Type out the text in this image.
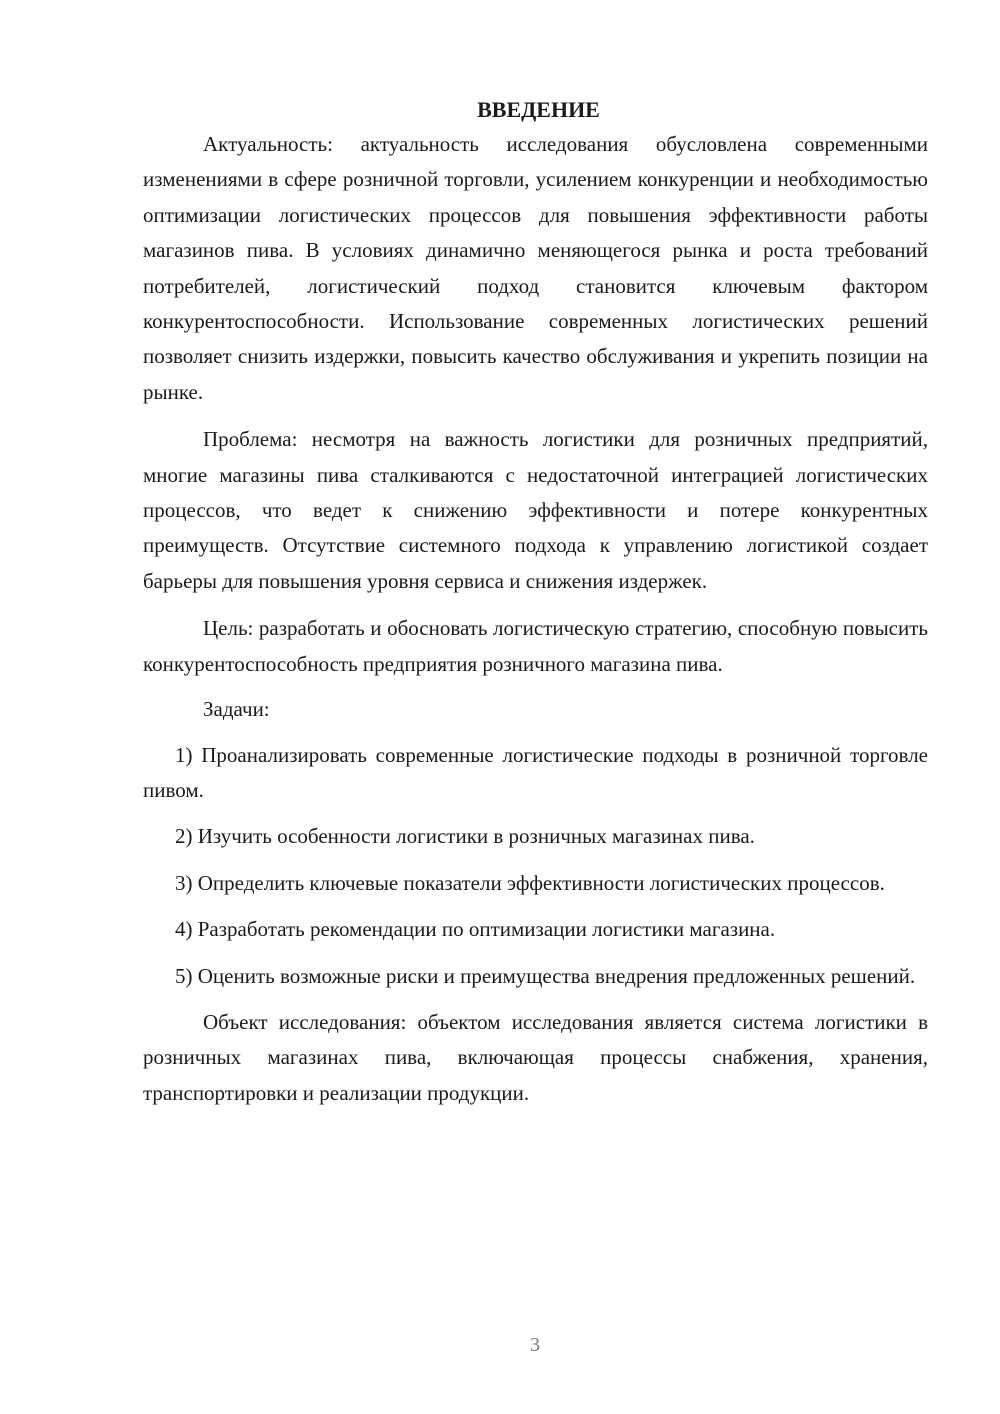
ВВЕДЕНИЕ

Актуальность: актуальность исследования обусловлена современными изменениями в сфере розничной торговли, усилением конкуренции и необходимостью оптимизации логистических процессов для повышения эффективности работы магазинов пива. В условиях динамично меняющегося рынка и роста требований потребителей, логистический подход становится ключевым фактором конкурентоспособности. Использование современных логистических решений позволяет снизить издержки, повысить качество обслуживания и укрепить позиции на рынке.

Проблема: несмотря на важность логистики для розничных предприятий, многие магазины пива сталкиваются с недостаточной интеграцией логистических процессов, что ведет к снижению эффективности и потере конкурентных преимуществ. Отсутствие системного подхода к управлению логистикой создает барьеры для повышения уровня сервиса и снижения издержек.

Цель: разработать и обосновать логистическую стратегию, способную повысить конкурентоспособность предприятия розничного магазина пива.

Задачи:

1) Проанализировать современные логистические подходы в розничной торговле пивом.

2) Изучить особенности логистики в розничных магазинах пива.

3) Определить ключевые показатели эффективности логистических процессов.

4) Разработать рекомендации по оптимизации логистики магазина.

5) Оценить возможные риски и преимущества внедрения предложенных решений.

Объект исследования: объектом исследования является система логистики в розничных магазинах пива, включающая процессы снабжения, хранения, транспортировки и реализации продукции.

3
